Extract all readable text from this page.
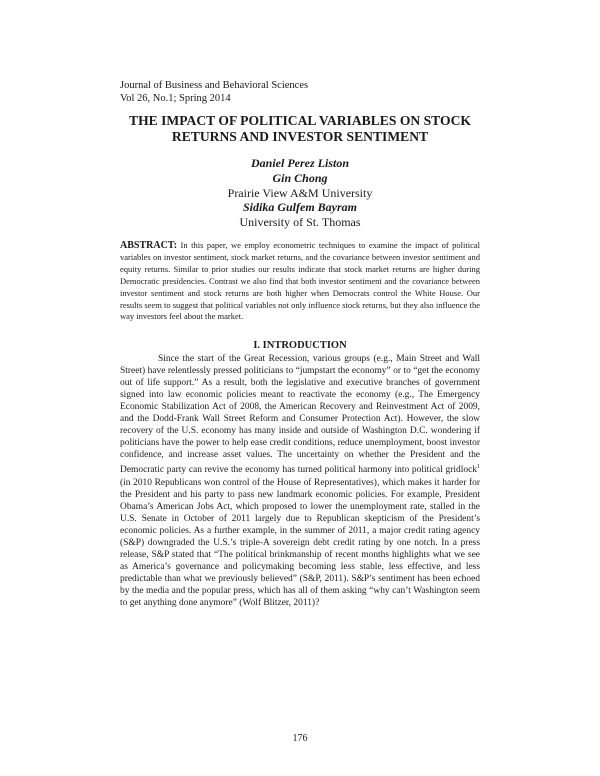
Journal of Business and Behavioral Sciences
Vol 26, No.1; Spring 2014
THE IMPACT OF POLITICAL VARIABLES ON STOCK RETURNS AND INVESTOR SENTIMENT
Daniel Perez Liston
Gin Chong
Prairie View A&M University
Sidika Gulfem Bayram
University of St. Thomas
ABSTRACT: In this paper, we employ econometric techniques to examine the impact of political variables on investor sentiment, stock market returns, and the covariance between investor sentiment and equity returns. Similar to prior studies our results indicate that stock market returns are higher during Democratic presidencies. Contrast we also find that both investor sentiment and the covariance between investor sentiment and stock returns are both higher when Democrats control the White House. Our results seem to suggest that political variables not only influence stock returns, but they also influence the way investors feel about the market.
I. INTRODUCTION
Since the start of the Great Recession, various groups (e.g., Main Street and Wall Street) have relentlessly pressed politicians to “jumpstart the economy” or to “get the economy out of life support.” As a result, both the legislative and executive branches of government signed into law economic policies meant to reactivate the economy (e.g., The Emergency Economic Stabilization Act of 2008, the American Recovery and Reinvestment Act of 2009, and the Dodd-Frank Wall Street Reform and Consumer Protection Act). However, the slow recovery of the U.S. economy has many inside and outside of Washington D.C. wondering if politicians have the power to help ease credit conditions, reduce unemployment, boost investor confidence, and increase asset values. The uncertainty on whether the President and the Democratic party can revive the economy has turned political harmony into political gridlock$^1$ (in 2010 Republicans won control of the House of Representatives), which makes it harder for the President and his party to pass new landmark economic policies. For example, President Obama’s American Jobs Act, which proposed to lower the unemployment rate, stalled in the U.S. Senate in October of 2011 largely due to Republican skepticism of the President’s economic policies. As a further example, in the summer of 2011, a major credit rating agency (S&P) downgraded the U.S.’s triple-A sovereign debt credit rating by one notch. In a press release, S&P stated that “The political brinkmanship of recent months highlights what we see as America’s governance and policymaking becoming less stable, less effective, and less predictable than what we previously believed” (S&P, 2011). S&P’s sentiment has been echoed by the media and the popular press, which has all of them asking “why can’t Washington seem to get anything done anymore” (Wolf Blitzer, 2011)?
176
